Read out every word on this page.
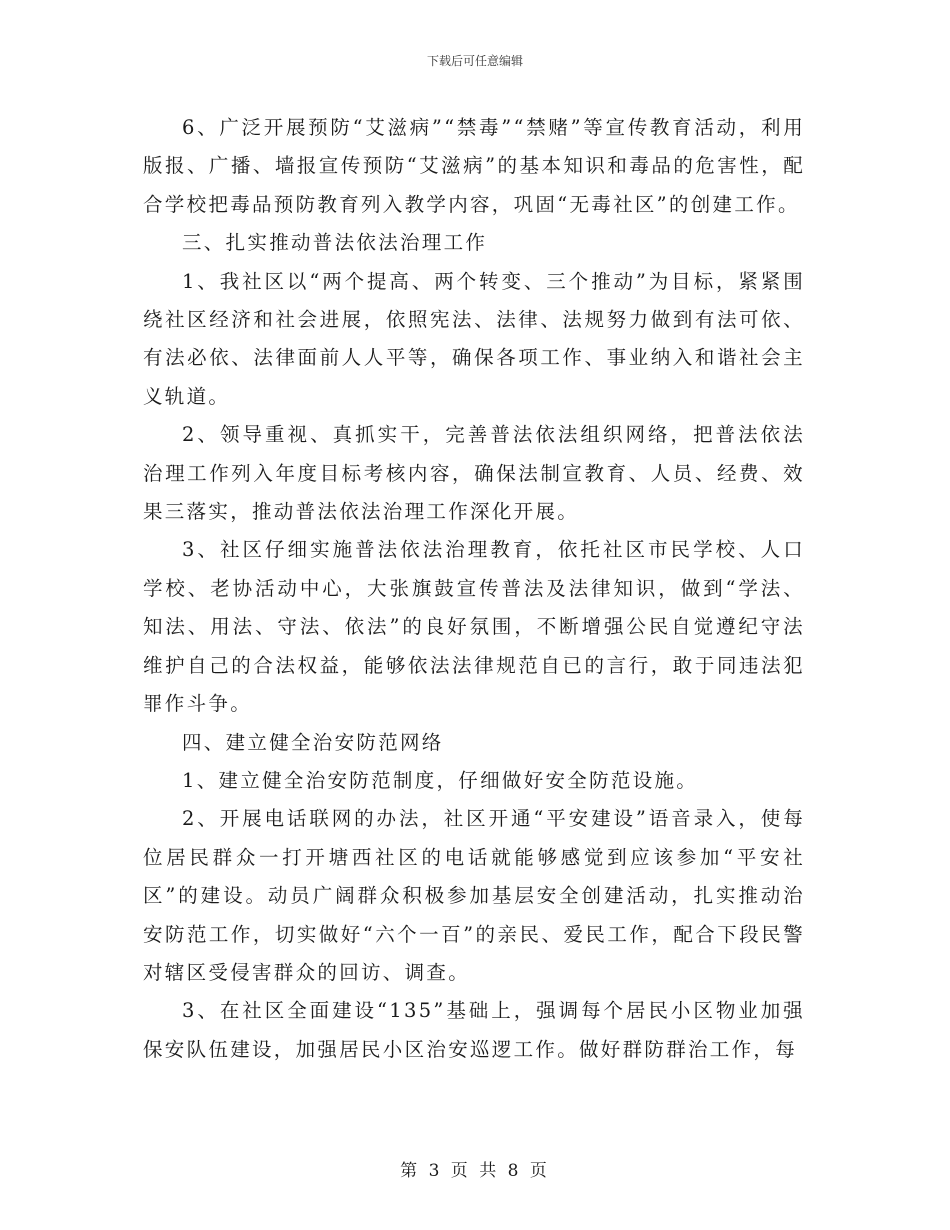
下载后可任意编辑

6、广泛开展预防“艾滋病”“禁毒”“禁赌”等宣传教育活动，利用版报、广播、墙报宣传预防“艾滋病”的基本知识和毒品的危害性，配合学校把毒品预防教育列入教学内容，巩固“无毒社区”的创建工作。

三、扎实推动普法依法治理工作

1、我社区以“两个提高、两个转变、三个推动”为目标，紧紧围绕社区经济和社会进展，依照宪法、法律、法规努力做到有法可依、有法必依、法律面前人人平等，确保各项工作、事业纳入和谐社会主义轨道。

2、领导重视、真抓实干，完善普法依法组织网络，把普法依法治理工作列入年度目标考核内容，确保法制宣教育、人员、经费、效果三落实，推动普法依法治理工作深化开展。

3、社区仔细实施普法依法治理教育，依托社区市民学校、人口学校、老协活动中心，大张旗鼓宣传普法及法律知识，做到“学法、知法、用法、守法、依法”的良好氛围，不断增强公民自觉遵纪守法维护自己的合法权益，能够依法法律规范自已的言行，敢于同违法犯罪作斗争。

四、建立健全治安防范网络

1、建立健全治安防范制度，仔细做好安全防范设施。

2、开展电话联网的办法，社区开通“平安建设”语音录入，使每位居民群众一打开塘西社区的电话就能够感觉到应该参加“平安社区”的建设。动员广阔群众积极参加基层安全创建活动，扎实推动治安防范工作，切实做好“六个一百”的亲民、爱民工作，配合下段民警对辖区受侵害群众的回访、调查。

3、在社区全面建设“135”基础上，强调每个居民小区物业加强保安队伍建设，加强居民小区治安巡逻工作。做好群防群治工作，每

第 3 页 共 8 页
